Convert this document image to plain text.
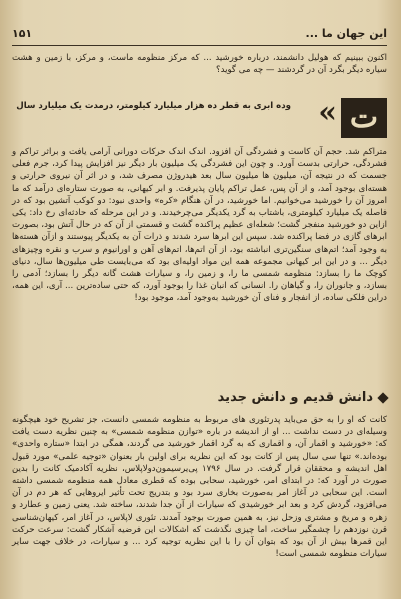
این جهان ما ...
۱۵۱
اکنون ببینیم که هولیل دانشمند، درباره خورشید ... که مرکز منظومه ماست، و مرکز، با زمین و هشت سیاره دیگر بگرد آن در گردشند — چه می گوید؟
ت
«
وده ابری به قطر ده هزار میلیارد کیلومتر، درمدت یک میلیارد سال
متراکم شد. حجم آن کاست و فشردگی آن افزود. اندک اندک حرکات دورانی آرامی یافت و براثر تراکم و فشردگی، حرارتی بدست آورد. و چون این فشردگی یک میلیون بار دیگر نیز افزایش پیدا کرد، جرم فعلی جسمت که در نتیجه آن، میلیون ها میلیون سال بعد هیدروژن مصرف شد، و در اثر آن نیروی حرارتی و هسته‌ای بوجود آمد، و از آن پس، عمل تراکم پایان پذیرفت. و ابر کیهانی، به صورت ستاره‌ای درآمد که ما امروز آن را خورشید می‌خوانیم. اما خورشید، در آن هنگام «کره» واحدی نبود: دو کوکب آتشین بود که در فاصله یک میلیارد کیلومتری، باشتاب به گرد یکدیگر می‌چرخیدند. و در این مرحله که حادثه‌ای رخ داد: یکی ازاین دو خورشید منفجر گشت؛ شعله‌ای عظیم پراکنده گشت و قسمتی از آن که در حال آتش بود، بصورت ابرهای گازی در فضا پراکنده شد. سپس این ابرها سرد شدند و ذرات آن به یکدیگر پیوستند و ازآن هسته‌ها به وجود آمد؛ اتم‌های سنگین‌تری انباشته بود، از آن اتم‌ها، اتم‌های آهن و اورانیوم و سرب و نقره وچیزهای دیگر ... و در این ابر کیهانی مجموعه همه این مواد اولیه‌ای بود که می‌بایست طی میلیون‌ها سال، دنیای کوچک ما را بسازد: منظومه شمسی ما را، و زمین را، و سیارات هشت گانه دیگر را بسازد؛ آدمی را بسازد، و جانوران را، و گیاهان را. انسانی که انبان غذا را بوجود آورد، که حتی ساده‌ترین ... آری، این همه، دراین فلکی ساده، از انفجار و فنای آن خورشید به‌وجود آمد، موجود بود!
دانش قدیم و دانش جدید
کانت که او را به حق می‌باید پدرتئوری های مربوط به منظومه شمسی دانست، جز تشریح خود هیچگونه وسیله‌ای در دست نداشت ... او از اندیشه در باره «توازن منظومه شمسی» به چنین نظریه دست یافت که: «خورشید و اقمار آن، و اقماری که به گرد اقمار خورشید می گردند، همگی در ابتدا «ستاره واحدی» بوده‌اند.» تنها سی سال پس از کانت بود که این نظریه برای اولین بار بعنوان «توجیه علمی» مورد قبول اهل اندیشه و محققان قرار گرفت. در سال ۱۷۹۶ پی‌یرسیمون‌دولاپلاس، نظریه آکادمیک کانت را بدین صورت در آورد که: در ابتدای امر، خورشید، سحابی بوده که قطری معادل همه منظومه شمسی داشته است. این سحابی در آغاز امر به‌صورت بخاری سرد بود و بتدریج تحت تأثیر ایروهایی که هر دم در آن می‌افزود، گردش کرد و بعد ابر خورشیدی که سیارات از آن جدا شدند، ساخته شد. یعنی زمین و عطارد و زهره و مریخ و مشتری وزحل نیز، به همین صورت بوجود آمدند. تئوری لاپلاس، در آغاز امر، کیهان‌شناسی قرن نوزدهم را چشمگیر ساخت، اما چیزی نگذشت که اشکالات این فرضیه آشکار گشت: سرعت حرکت این قمرها بیش از آن بود که بتوان آن را با این نظریه توجیه کرد ... و سیارات، در خلاف جهت سایر سیارات منظومه شمسی است!
